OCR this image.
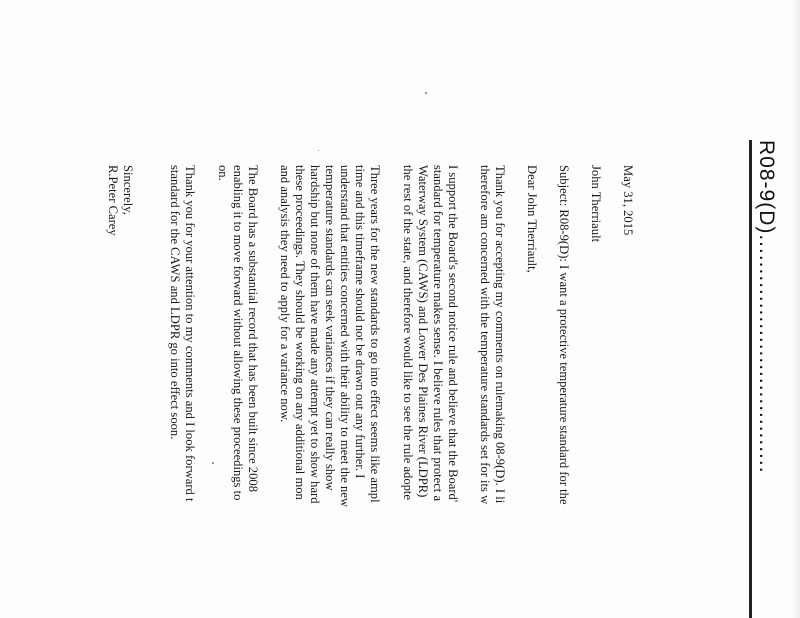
R08-9(D)...................................
May 31, 2015
John Therriault
Subject: R08-9(D): I want a protective temperature standard for the
Dear John Therriault,
Thank you for accepting my comments on rulemaking 08-9(D). I li
therefore am concerned with the temperature standards set for its w
I support the Board's second notice rule and believe that the Board'
standard for temperature makes sense. I believe rules that protect a
Waterway System (CAWS) and Lower Des Plaines River (LDPR)
the rest of the state, and therefore would like to see the rule adopte
Three years for the new standards to go into effect seems like ampl
time and this timeframe should not be drawn out any further. I
understand that entities concerned with their ability to meet the new
temperature standards can seek variances if they can really show
hardship but none of them have made any attempt yet to show hard
these proceedings. They should be working on any additional mon
and analysis they need to apply for a variance now.
The Board has a substantial record that has been built since 2008
enabling it to move forward without allowing these proceedings to
on.
Thank you for your attention to my comments and I look forward t
standard for the CAWS and LDPR go into effect soon.
Sincerely,
R.Peter Carey
